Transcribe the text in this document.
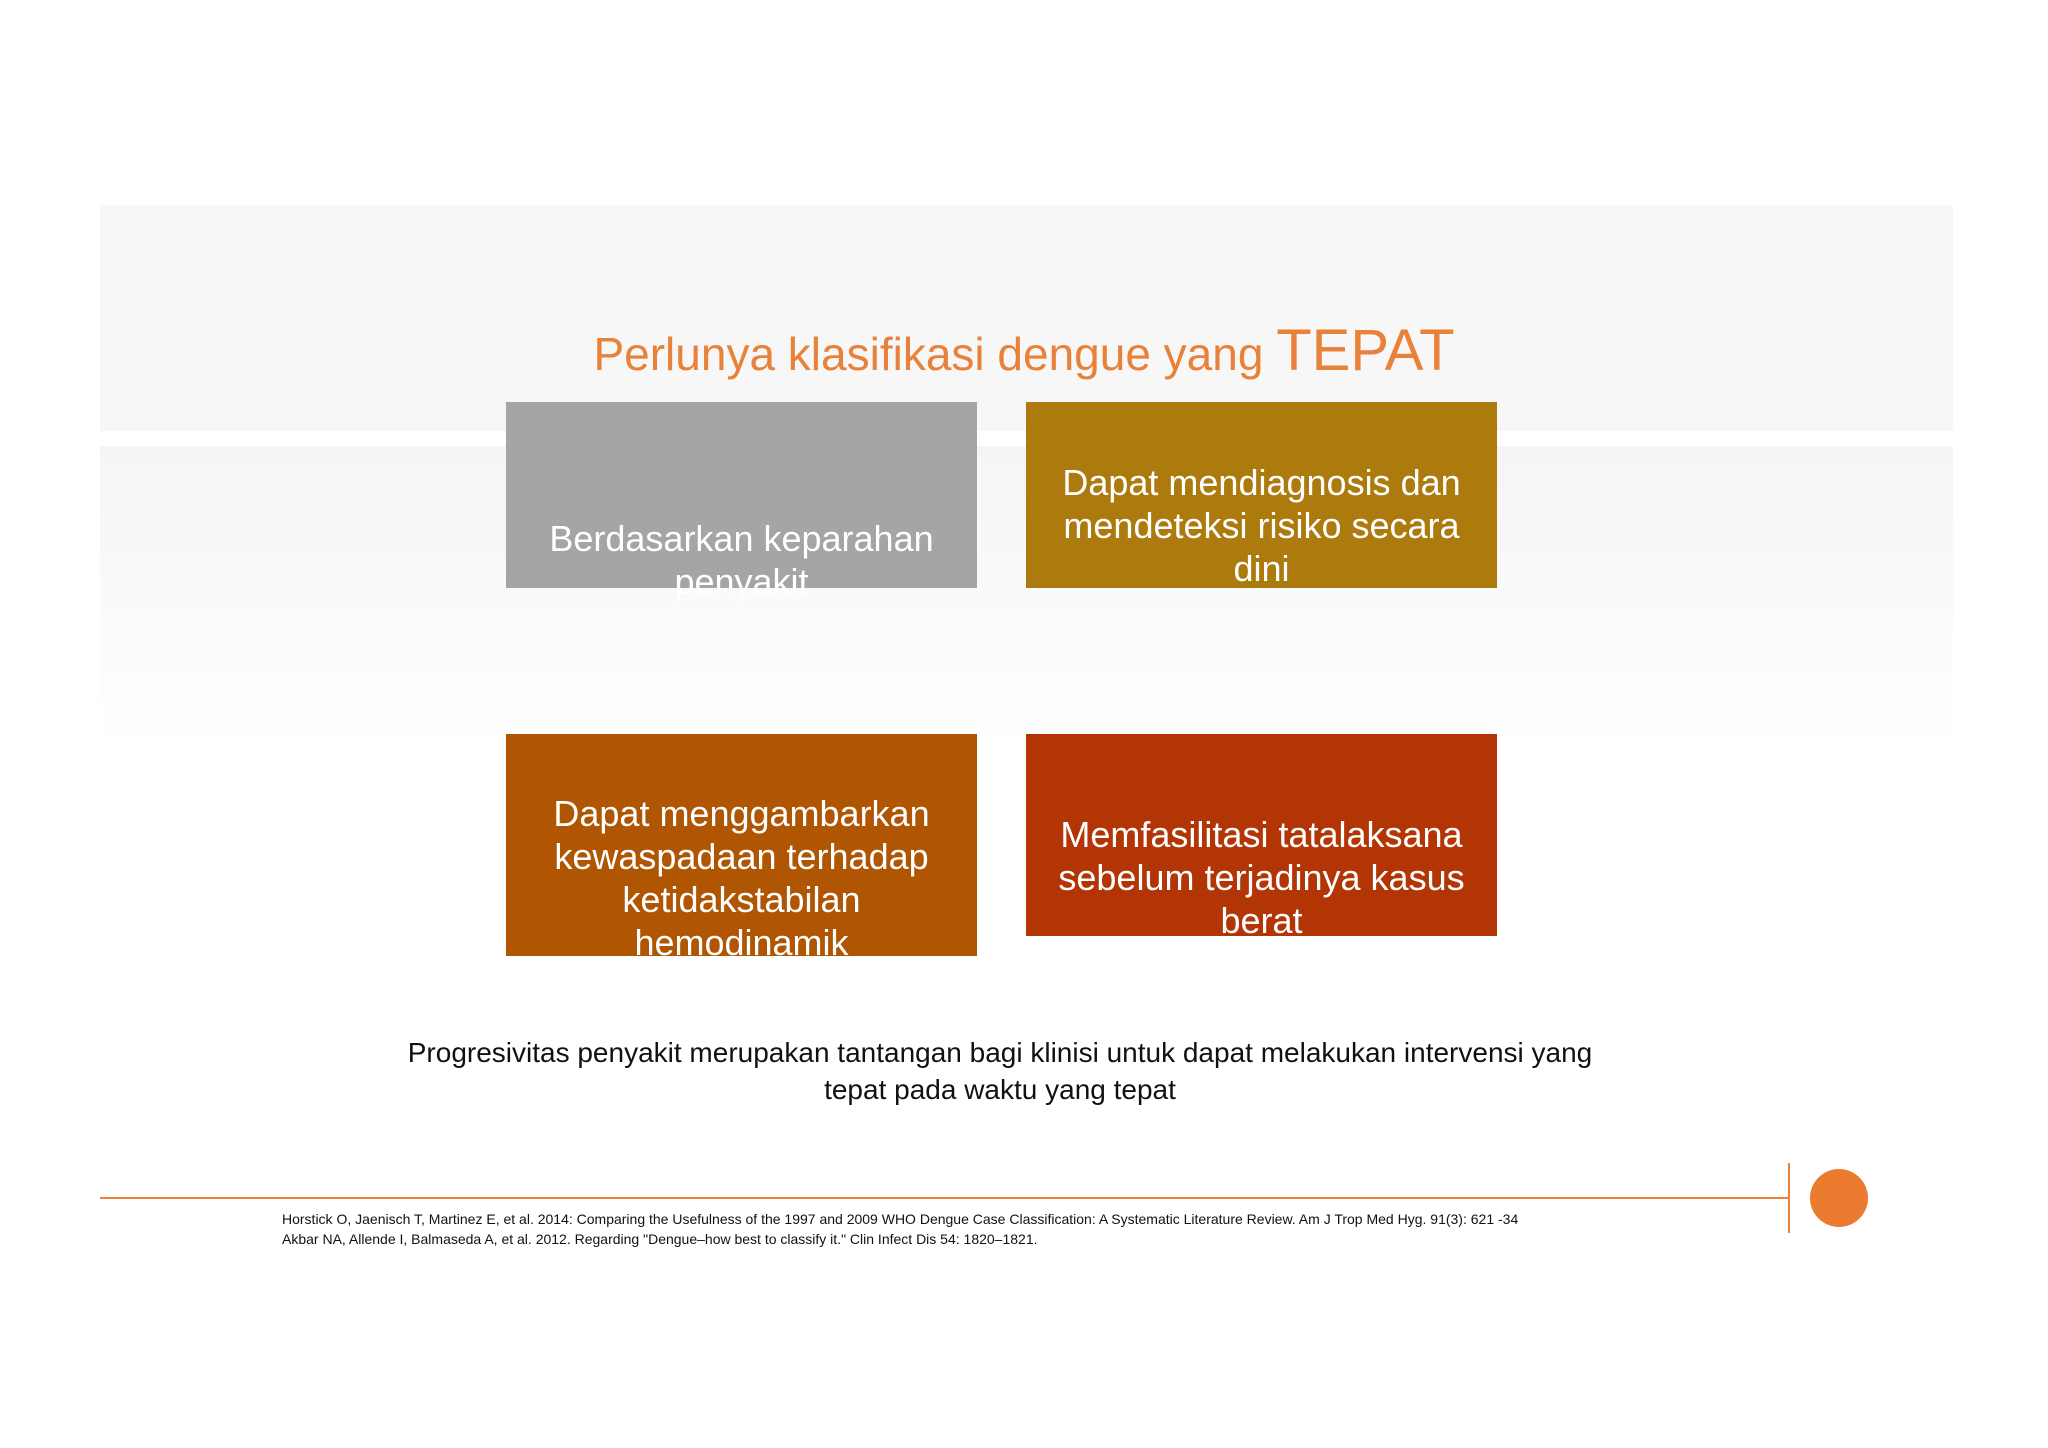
Perlunya klasifikasi dengue yang TEPAT
Berdasarkan keparahan penyakit
Dapat mendiagnosis dan mendeteksi risiko secara dini
Dapat menggambarkan kewaspadaan terhadap ketidakstabilan hemodinamik
Memfasilitasi tatalaksana sebelum terjadinya kasus berat
Progresivitas penyakit merupakan tantangan bagi klinisi untuk dapat melakukan intervensi yang tepat pada waktu yang tepat
Horstick O, Jaenisch T, Martinez E, et al. 2014: Comparing the Usefulness of the 1997 and 2009 WHO Dengue Case Classification: A Systematic Literature Review. Am J Trop Med Hyg. 91(3): 621 -34
Akbar NA, Allende I, Balmaseda A, et al. 2012. Regarding "Dengue–how best to classify it." Clin Infect Dis 54: 1820–1821.
